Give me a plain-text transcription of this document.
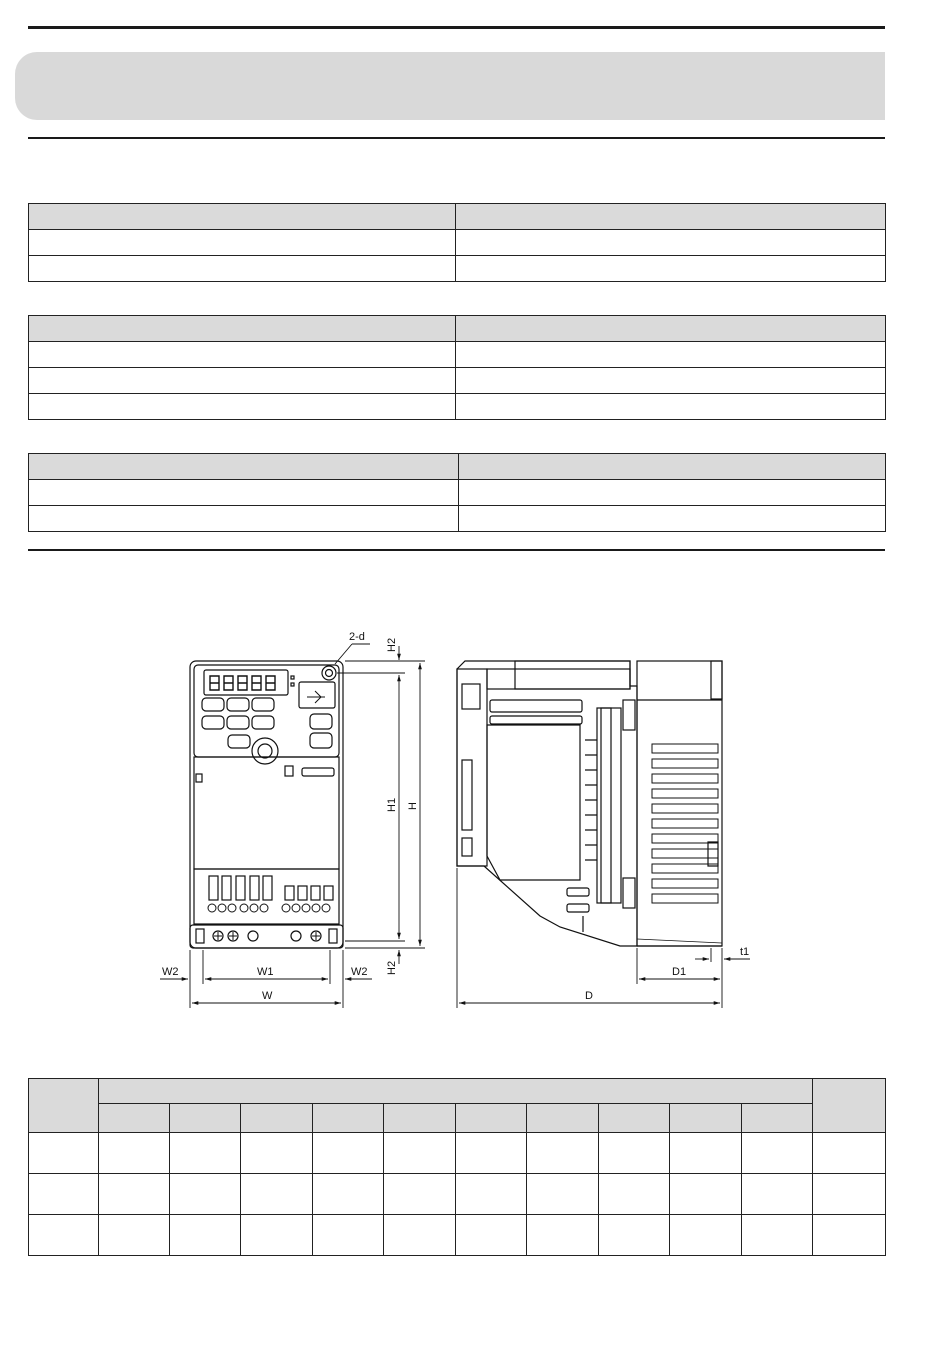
2-d
H2
H1 H
H2
W2	W1	W2
W	D
D1
t1
